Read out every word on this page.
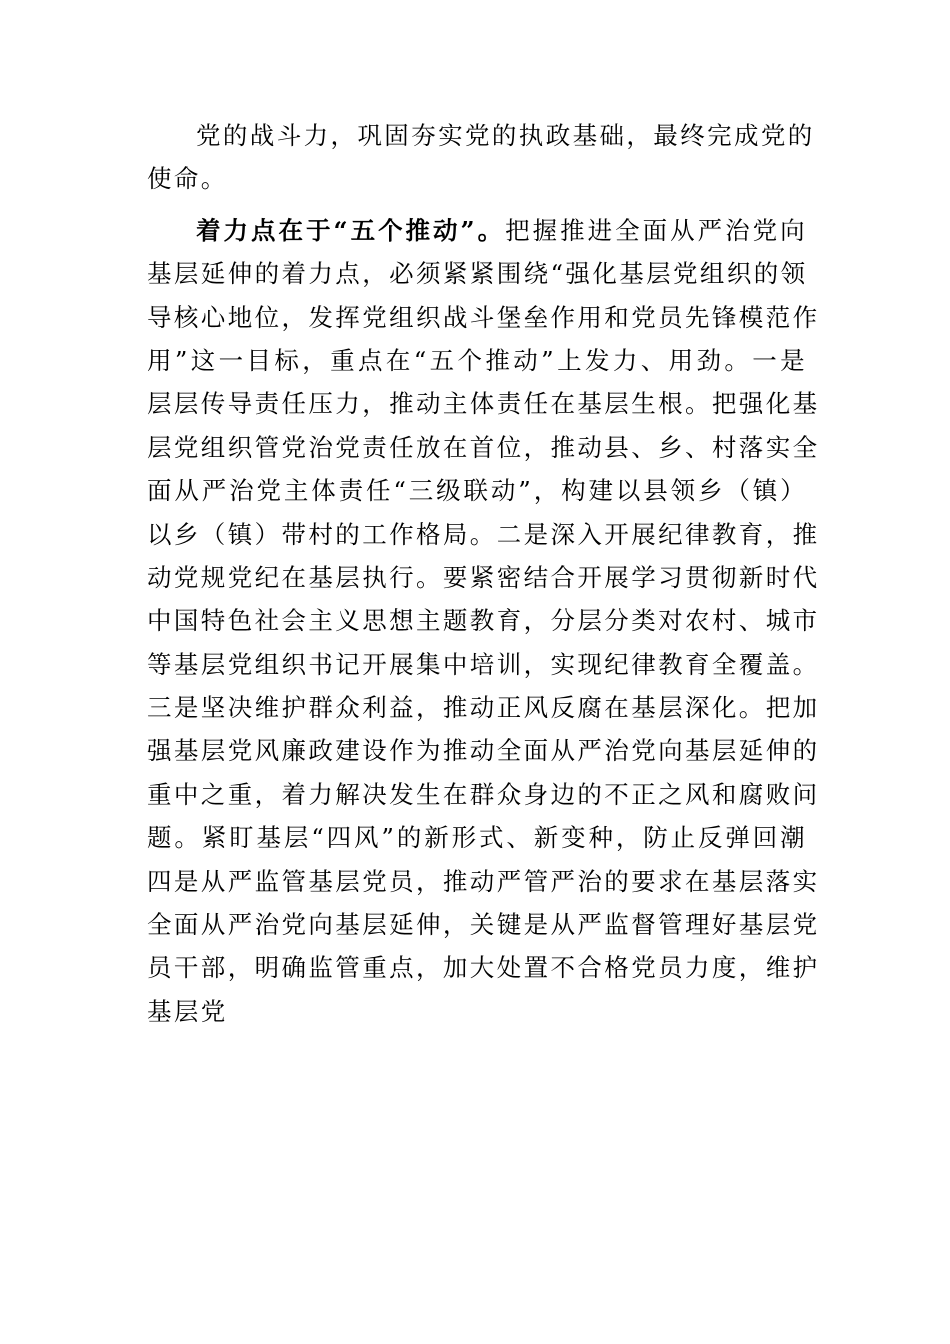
党的战斗力，巩固夯实党的执政基础，最终完成党的
使命。
着力点在于“五个推动”。把握推进全面从严治党向
基层延伸的着力点，必须紧紧围绕“强化基层党组织的领
导核心地位，发挥党组织战斗堡垒作用和党员先锋模范作
用”这一目标，重点在“五个推动”上发力、用劲。一是
层层传导责任压力，推动主体责任在基层生根。把强化基
层党组织管党治党责任放在首位，推动县、乡、村落实全
面从严治党主体责任“三级联动”，构建以县领乡（镇）
以乡（镇）带村的工作格局。二是深入开展纪律教育，推
动党规党纪在基层执行。要紧密结合开展学习贯彻新时代
中国特色社会主义思想主题教育，分层分类对农村、城市
等基层党组织书记开展集中培训，实现纪律教育全覆盖。
三是坚决维护群众利益，推动正风反腐在基层深化。把加
强基层党风廉政建设作为推动全面从严治党向基层延伸的
重中之重，着力解决发生在群众身边的不正之风和腐败问
题。紧盯基层“四风”的新形式、新变种，防止反弹回潮
四是从严监管基层党员，推动严管严治的要求在基层落实
全面从严治党向基层延伸，关键是从严监督管理好基层党
员干部，明确监管重点，加大处置不合格党员力度，维护
基层党
